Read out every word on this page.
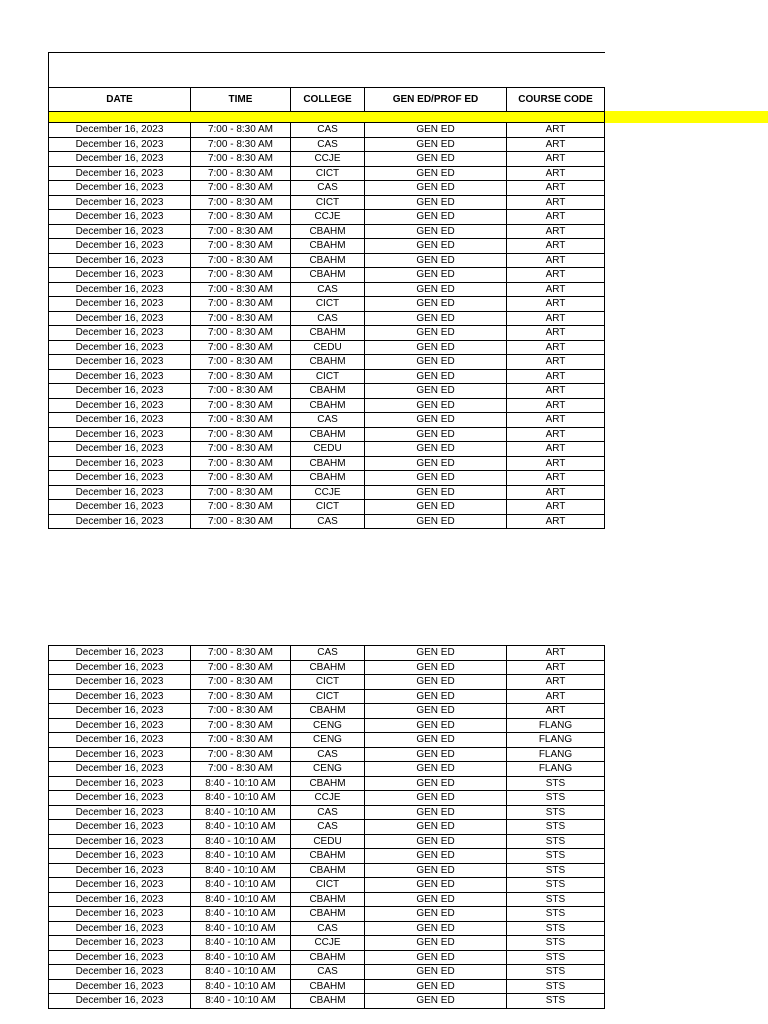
DATE	TIME	COLLEGE	GEN ED/PROF ED	COURSE CODE

December 16, 2023	7:00 - 8:30 AM	CAS	GEN ED	ART
December 16, 2023	7:00 - 8:30 AM	CAS	GEN ED	ART
December 16, 2023	7:00 - 8:30 AM	CCJE	GEN ED	ART
December 16, 2023	7:00 - 8:30 AM	CICT	GEN ED	ART
December 16, 2023	7:00 - 8:30 AM	CAS	GEN ED	ART
December 16, 2023	7:00 - 8:30 AM	CICT	GEN ED	ART
December 16, 2023	7:00 - 8:30 AM	CCJE	GEN ED	ART
December 16, 2023	7:00 - 8:30 AM	CBAHM	GEN ED	ART
December 16, 2023	7:00 - 8:30 AM	CBAHM	GEN ED	ART
December 16, 2023	7:00 - 8:30 AM	CBAHM	GEN ED	ART
December 16, 2023	7:00 - 8:30 AM	CBAHM	GEN ED	ART
December 16, 2023	7:00 - 8:30 AM	CAS	GEN ED	ART
December 16, 2023	7:00 - 8:30 AM	CICT	GEN ED	ART
December 16, 2023	7:00 - 8:30 AM	CAS	GEN ED	ART
December 16, 2023	7:00 - 8:30 AM	CBAHM	GEN ED	ART
December 16, 2023	7:00 - 8:30 AM	CEDU	GEN ED	ART
December 16, 2023	7:00 - 8:30 AM	CBAHM	GEN ED	ART
December 16, 2023	7:00 - 8:30 AM	CICT	GEN ED	ART
December 16, 2023	7:00 - 8:30 AM	CBAHM	GEN ED	ART
December 16, 2023	7:00 - 8:30 AM	CBAHM	GEN ED	ART
December 16, 2023	7:00 - 8:30 AM	CAS	GEN ED	ART
December 16, 2023	7:00 - 8:30 AM	CBAHM	GEN ED	ART
December 16, 2023	7:00 - 8:30 AM	CEDU	GEN ED	ART
December 16, 2023	7:00 - 8:30 AM	CBAHM	GEN ED	ART
December 16, 2023	7:00 - 8:30 AM	CBAHM	GEN ED	ART
December 16, 2023	7:00 - 8:30 AM	CCJE	GEN ED	ART
December 16, 2023	7:00 - 8:30 AM	CICT	GEN ED	ART
December 16, 2023	7:00 - 8:30 AM	CAS	GEN ED	ART
December 16, 2023	7:00 - 8:30 AM	CAS	GEN ED	ART
December 16, 2023	7:00 - 8:30 AM	CBAHM	GEN ED	ART
December 16, 2023	7:00 - 8:30 AM	CICT	GEN ED	ART
December 16, 2023	7:00 - 8:30 AM	CICT	GEN ED	ART
December 16, 2023	7:00 - 8:30 AM	CBAHM	GEN ED	ART
December 16, 2023	7:00 - 8:30 AM	CENG	GEN ED	FLANG
December 16, 2023	7:00 - 8:30 AM	CENG	GEN ED	FLANG
December 16, 2023	7:00 - 8:30 AM	CAS	GEN ED	FLANG
December 16, 2023	7:00 - 8:30 AM	CENG	GEN ED	FLANG
December 16, 2023	8:40 - 10:10 AM	CBAHM	GEN ED	STS
December 16, 2023	8:40 - 10:10 AM	CCJE	GEN ED	STS
December 16, 2023	8:40 - 10:10 AM	CAS	GEN ED	STS
December 16, 2023	8:40 - 10:10 AM	CAS	GEN ED	STS
December 16, 2023	8:40 - 10:10 AM	CEDU	GEN ED	STS
December 16, 2023	8:40 - 10:10 AM	CBAHM	GEN ED	STS
December 16, 2023	8:40 - 10:10 AM	CBAHM	GEN ED	STS
December 16, 2023	8:40 - 10:10 AM	CICT	GEN ED	STS
December 16, 2023	8:40 - 10:10 AM	CBAHM	GEN ED	STS
December 16, 2023	8:40 - 10:10 AM	CBAHM	GEN ED	STS
December 16, 2023	8:40 - 10:10 AM	CAS	GEN ED	STS
December 16, 2023	8:40 - 10:10 AM	CCJE	GEN ED	STS
December 16, 2023	8:40 - 10:10 AM	CBAHM	GEN ED	STS
December 16, 2023	8:40 - 10:10 AM	CAS	GEN ED	STS
December 16, 2023	8:40 - 10:10 AM	CBAHM	GEN ED	STS
December 16, 2023	8:40 - 10:10 AM	CBAHM	GEN ED	STS
